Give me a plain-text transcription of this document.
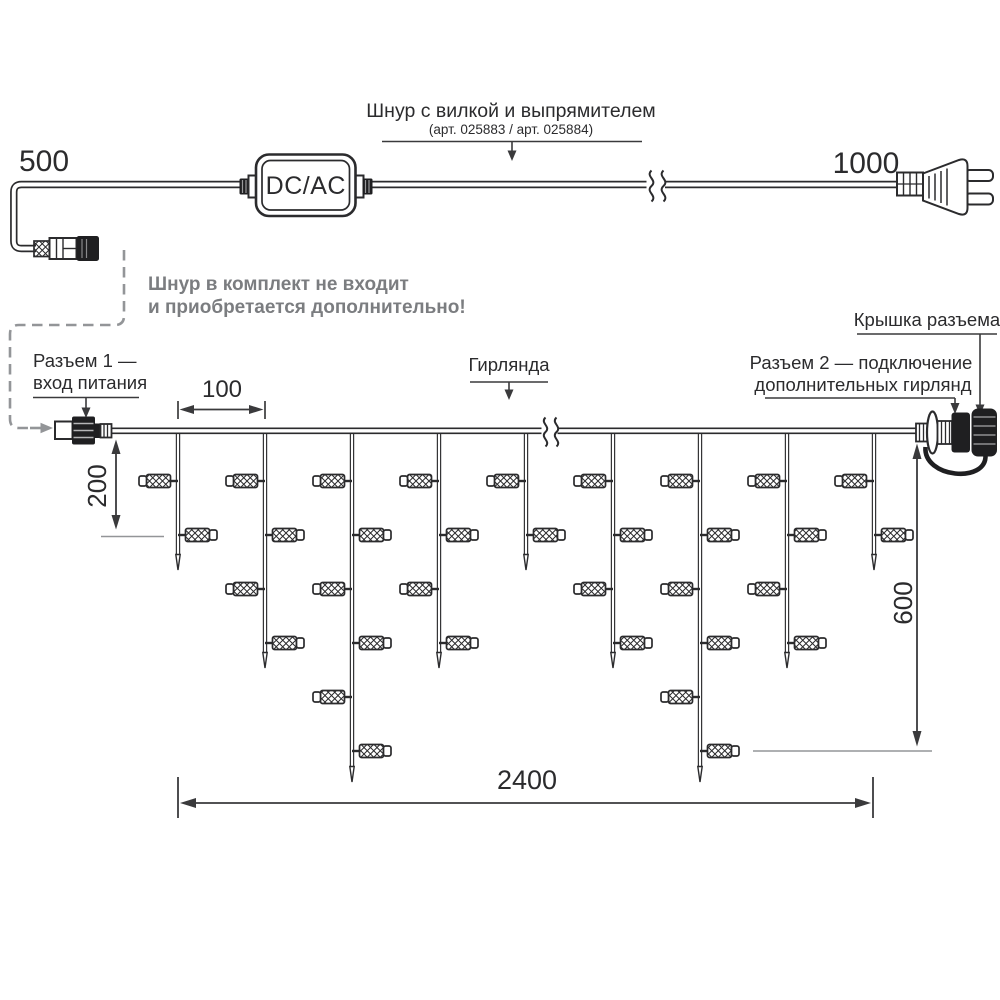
DC/AC
500	1000
Шнур с вилкой и выпрямителем
(арт. 025883 / арт. 025884)
Шнур в комплект не входит
и приобретается дополнительно!
Разъем 1 —
вход питания
Гирлянда	Разъем 2 — подключение
дополнительных гирлянд
Крышка разъема
100
200
600
2400
